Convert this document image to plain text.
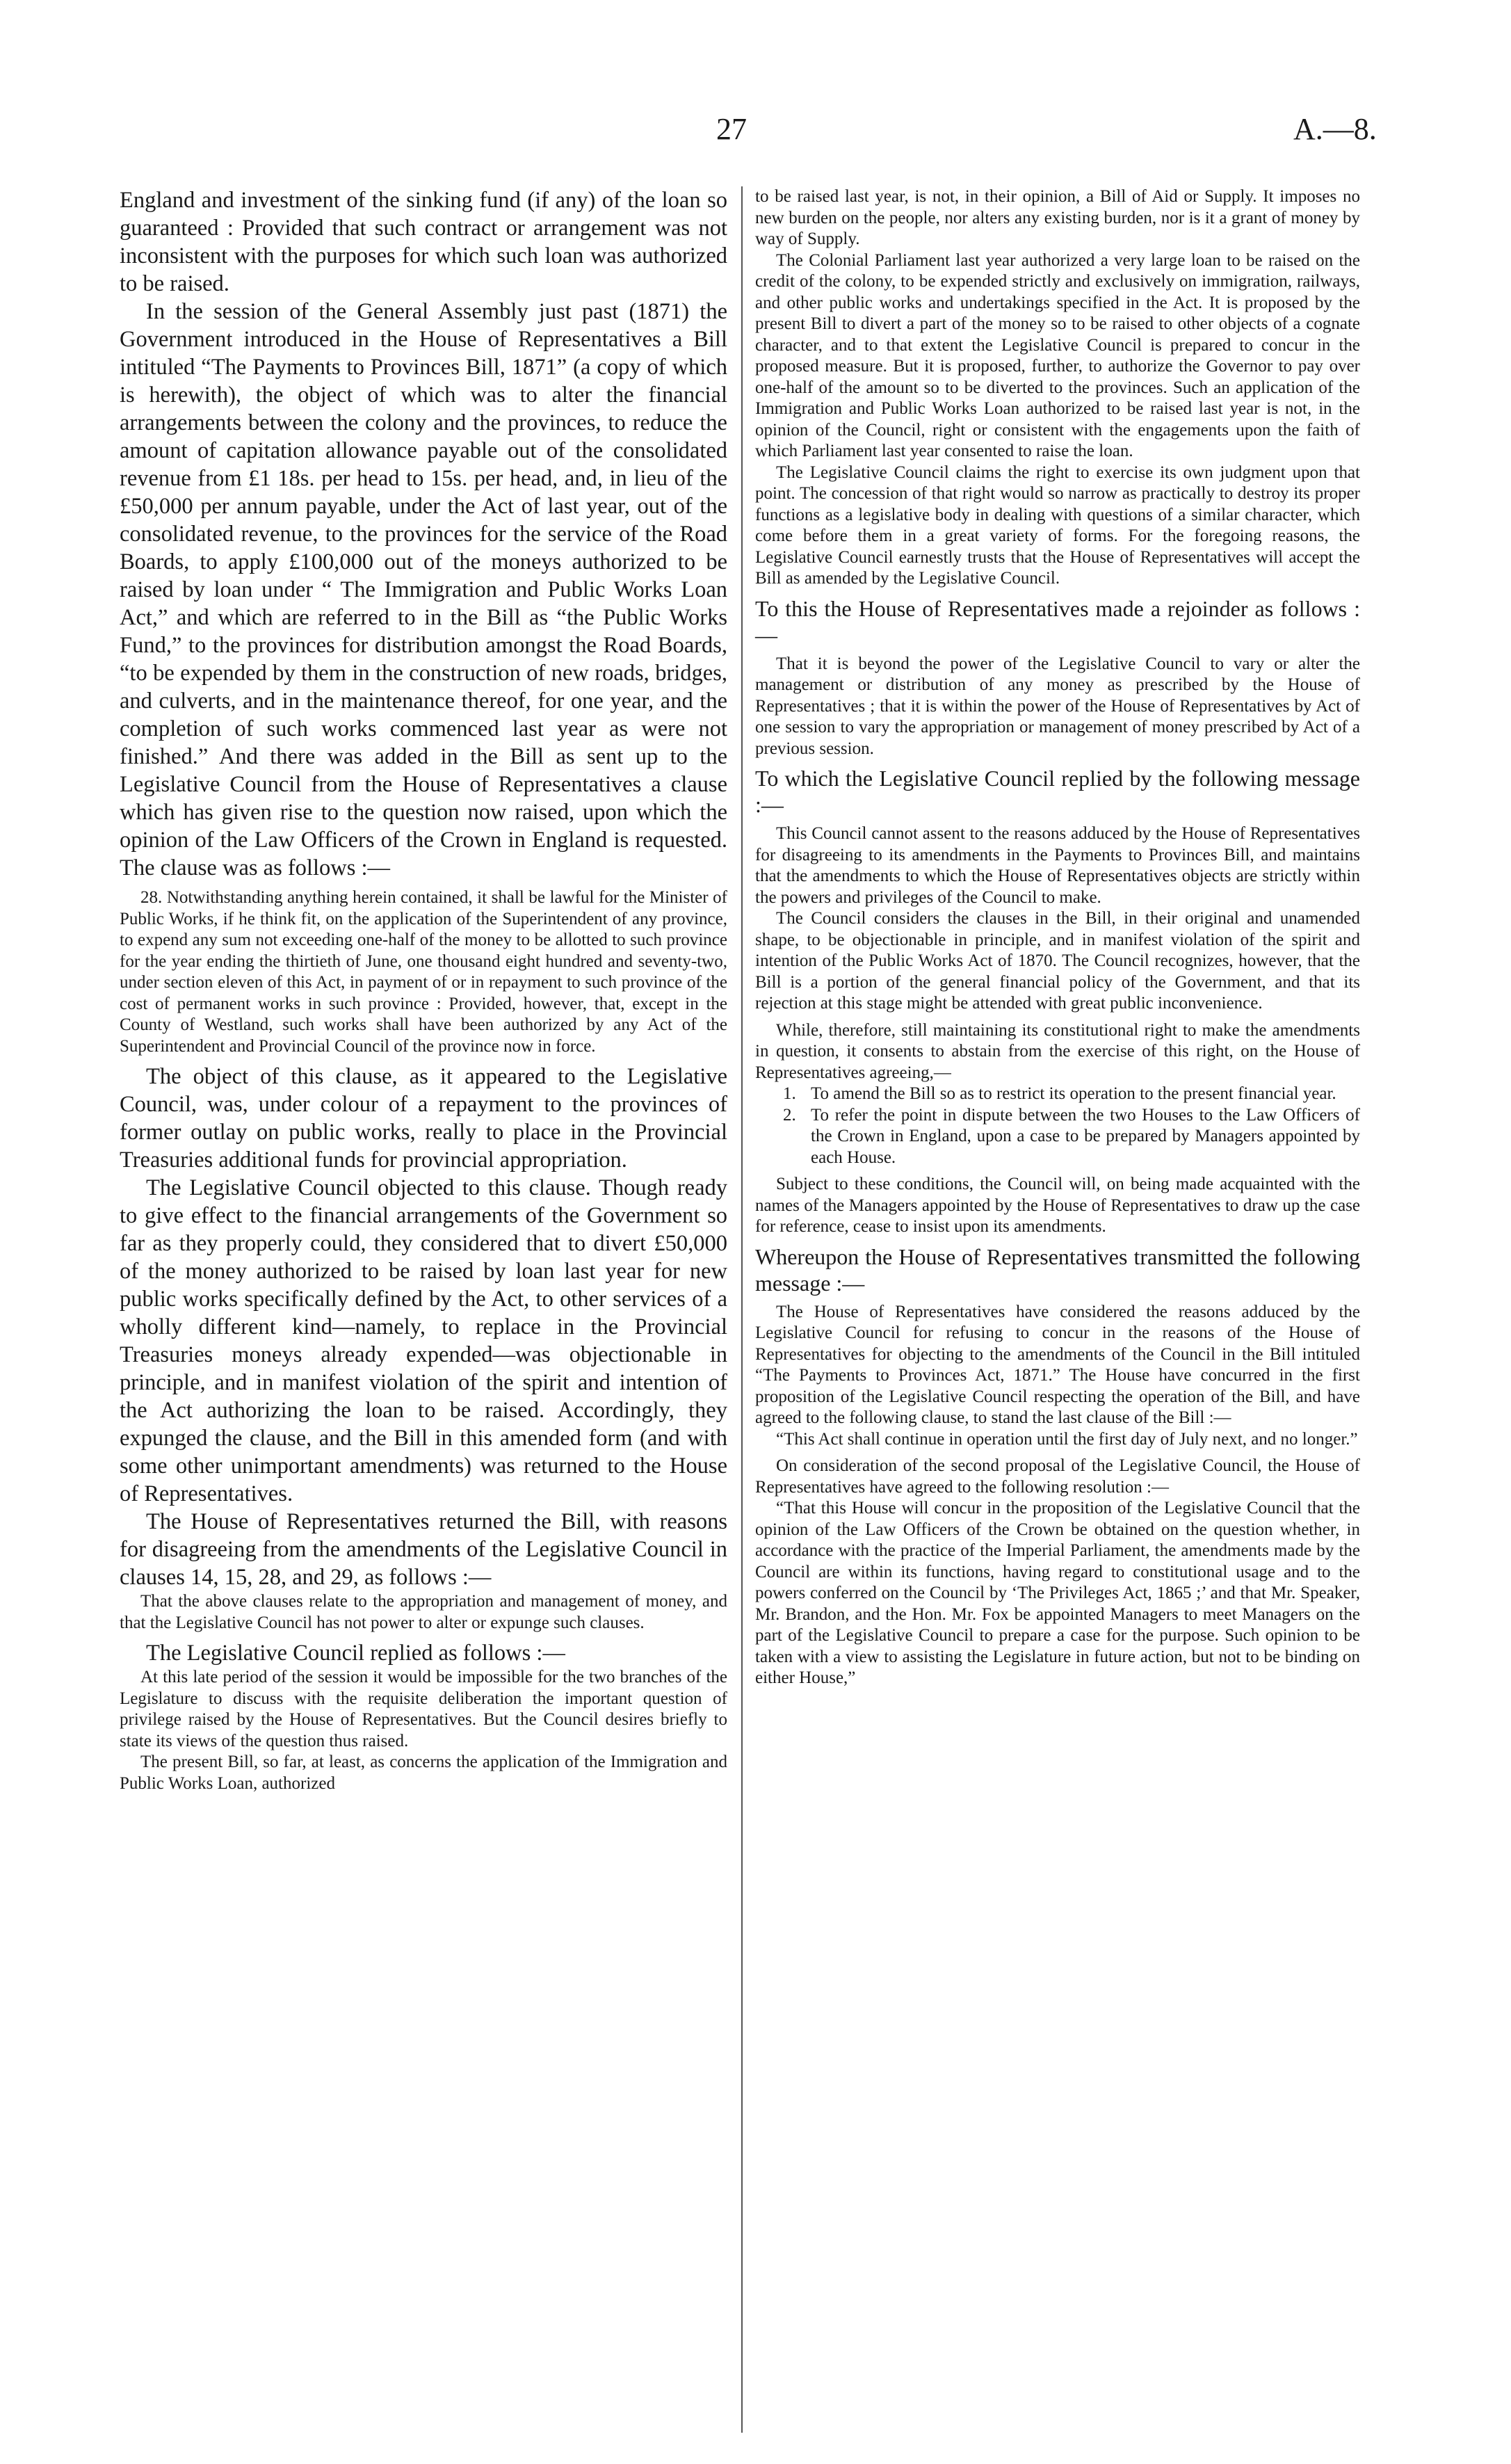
27	A.—8.

England and investment of the sinking fund (if any) of the loan so guaranteed : Provided that such contract or arrangement was not inconsistent with the purposes for which such loan was authorized to be raised.

In the session of the General Assembly just past (1871) the Government introduced in the House of Representatives a Bill intituled “The Payments to Provinces Bill, 1871” (a copy of which is herewith), the object of which was to alter the financial arrangements between the colony and the provinces, to reduce the amount of capitation allowance payable out of the consolidated revenue from £1 18s. per head to 15s. per head, and, in lieu of the £50,000 per annum payable, under the Act of last year, out of the consolidated revenue, to the provinces for the service of the Road Boards, to apply £100,000 out of the moneys authorized to be raised by loan under “ The Immigration and Public Works Loan Act,” and which are referred to in the Bill as “the Public Works Fund,” to the provinces for distribution amongst the Road Boards, “to be expended by them in the construction of new roads, bridges, and culverts, and in the maintenance thereof, for one year, and the completion of such works commenced last year as were not finished.” And there was added in the Bill as sent up to the Legislative Council from the House of Representatives a clause which has given rise to the question now raised, upon which the opinion of the Law Officers of the Crown in England is requested. The clause was as follows :—

28. Notwithstanding anything herein contained, it shall be lawful for the Minister of Public Works, if he think fit, on the application of the Superintendent of any province, to expend any sum not exceeding one-half of the money to be allotted to such province for the year ending the thirtieth of June, one thousand eight hundred and seventy-two, under section eleven of this Act, in payment of or in repayment to such province of the cost of permanent works in such province : Provided, however, that, except in the County of Westland, such works shall have been authorized by any Act of the Superintendent and Provincial Council of the province now in force.

The object of this clause, as it appeared to the Legislative Council, was, under colour of a repayment to the provinces of former outlay on public works, really to place in the Provincial Treasuries additional funds for provincial appropriation.

The Legislative Council objected to this clause. Though ready to give effect to the financial arrangements of the Government so far as they properly could, they considered that to divert £50,000 of the money authorized to be raised by loan last year for new public works specifically defined by the Act, to other services of a wholly different kind—namely, to replace in the Provincial Treasuries moneys already expended—was objectionable in principle, and in manifest violation of the spirit and intention of the Act authorizing the loan to be raised. Accordingly, they expunged the clause, and the Bill in this amended form (and with some other unimportant amendments) was returned to the House of Representatives.

The House of Representatives returned the Bill, with reasons for disagreeing from the amendments of the Legislative Council in clauses 14, 15, 28, and 29, as follows :—

That the above clauses relate to the appropriation and management of money, and that the Legislative Council has not power to alter or expunge such clauses.

The Legislative Council replied as follows :—

At this late period of the session it would be impossible for the two branches of the Legislature to discuss with the requisite deliberation the important question of privilege raised by the House of Representatives. But the Council desires briefly to state its views of the question thus raised.

The present Bill, so far, at least, as concerns the application of the Immigration and Public Works Loan, authorized

to be raised last year, is not, in their opinion, a Bill of Aid or Supply. It imposes no new burden on the people, nor alters any existing burden, nor is it a grant of money by way of Supply.

The Colonial Parliament last year authorized a very large loan to be raised on the credit of the colony, to be expended strictly and exclusively on immigration, railways, and other public works and undertakings specified in the Act. It is proposed by the present Bill to divert a part of the money so to be raised to other objects of a cognate character, and to that extent the Legislative Council is prepared to concur in the proposed measure. But it is proposed, further, to authorize the Governor to pay over one-half of the amount so to be diverted to the provinces. Such an application of the Immigration and Public Works Loan authorized to be raised last year is not, in the opinion of the Council, right or consistent with the engagements upon the faith of which Parliament last year consented to raise the loan.

The Legislative Council claims the right to exercise its own judgment upon that point. The concession of that right would so narrow as practically to destroy its proper functions as a legislative body in dealing with questions of a similar character, which come before them in a great variety of forms. For the foregoing reasons, the Legislative Council earnestly trusts that the House of Representatives will accept the Bill as amended by the Legislative Council.

To this the House of Representatives made a rejoinder as follows :—

That it is beyond the power of the Legislative Council to vary or alter the management or distribution of any money as prescribed by the House of Representatives ; that it is within the power of the House of Representatives by Act of one session to vary the appropriation or management of money prescribed by Act of a previous session.

To which the Legislative Council replied by the following message :—

This Council cannot assent to the reasons adduced by the House of Representatives for disagreeing to its amendments in the Payments to Provinces Bill, and maintains that the amendments to which the House of Representatives objects are strictly within the powers and privileges of the Council to make.

The Council considers the clauses in the Bill, in their original and unamended shape, to be objectionable in principle, and in manifest violation of the spirit and intention of the Public Works Act of 1870. The Council recognizes, however, that the Bill is a portion of the general financial policy of the Government, and that its rejection at this stage might be attended with great public inconvenience.

While, therefore, still maintaining its constitutional right to make the amendments in question, it consents to abstain from the exercise of this right, on the House of Representatives agreeing,—

1. To amend the Bill so as to restrict its operation to the present financial year.
2. To refer the point in dispute between the two Houses to the Law Officers of the Crown in England, upon a case to be prepared by Managers appointed by each House.

Subject to these conditions, the Council will, on being made acquainted with the names of the Managers appointed by the House of Representatives to draw up the case for reference, cease to insist upon its amendments.

Whereupon the House of Representatives transmitted the following message :—

The House of Representatives have considered the reasons adduced by the Legislative Council for refusing to concur in the reasons of the House of Representatives for objecting to the amendments of the Council in the Bill intituled “The Payments to Provinces Act, 1871.” The House have concurred in the first proposition of the Legislative Council respecting the operation of the Bill, and have agreed to the following clause, to stand the last clause of the Bill :—

“This Act shall continue in operation until the first day of July next, and no longer.”

On consideration of the second proposal of the Legislative Council, the House of Representatives have agreed to the following resolution :—

“That this House will concur in the proposition of the Legislative Council that the opinion of the Law Officers of the Crown be obtained on the question whether, in accordance with the practice of the Imperial Parliament, the amendments made by the Council are within its functions, having regard to constitutional usage and to the powers conferred on the Council by ‘The Privileges Act, 1865 ;’ and that Mr. Speaker, Mr. Brandon, and the Hon. Mr. Fox be appointed Managers to meet Managers on the part of the Legislative Council to prepare a case for the purpose. Such opinion to be taken with a view to assisting the Legislature in future action, but not to be binding on either House,”
